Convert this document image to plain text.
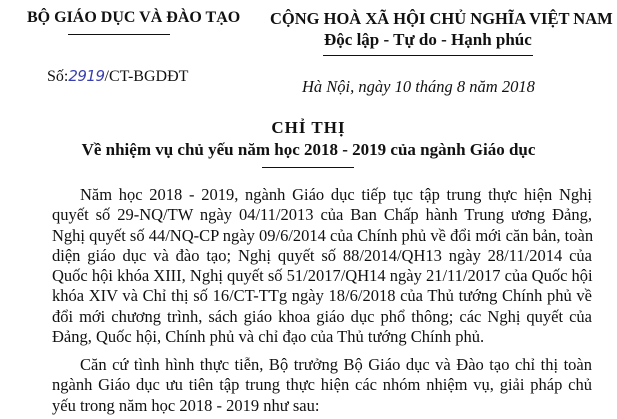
BỘ GIÁO DỤC VÀ ĐÀO TẠO CỘNG HOÀ XÃ HỘI CHỦ NGHĨA VIỆT NAM
Độc lập - Tự do - Hạnh phúc
Số:2919/CT-BGDĐT
Hà Nội, ngày 10 tháng 8 năm 2018
CHỈ THỊ
Về nhiệm vụ chủ yếu năm học 2018 - 2019 của ngành Giáo dục
Năm học 2018 - 2019, ngành Giáo dục tiếp tục tập trung thực hiện Nghị
quyết số 29-NQ/TW ngày 04/11/2013 của Ban Chấp hành Trung ương Đảng,
Nghị quyết số 44/NQ-CP ngày 09/6/2014 của Chính phủ về đổi mới căn bản, toàn
diện giáo dục và đào tạo; Nghị quyết số 88/2014/QH13 ngày 28/11/2014 của
Quốc hội khóa XIII, Nghị quyết số 51/2017/QH14 ngày 21/11/2017 của Quốc hội
khóa XIV và Chỉ thị số 16/CT-TTg ngày 18/6/2018 của Thủ tướng Chính phủ về
đổi mới chương trình, sách giáo khoa giáo dục phổ thông; các Nghị quyết của
Đảng, Quốc hội, Chính phủ và chỉ đạo của Thủ tướng Chính phủ.
Căn cứ tình hình thực tiễn, Bộ trưởng Bộ Giáo dục và Đào tạo chỉ thị toàn
ngành Giáo dục ưu tiên tập trung thực hiện các nhóm nhiệm vụ, giải pháp chủ
yếu trong năm học 2018 - 2019 như sau:
